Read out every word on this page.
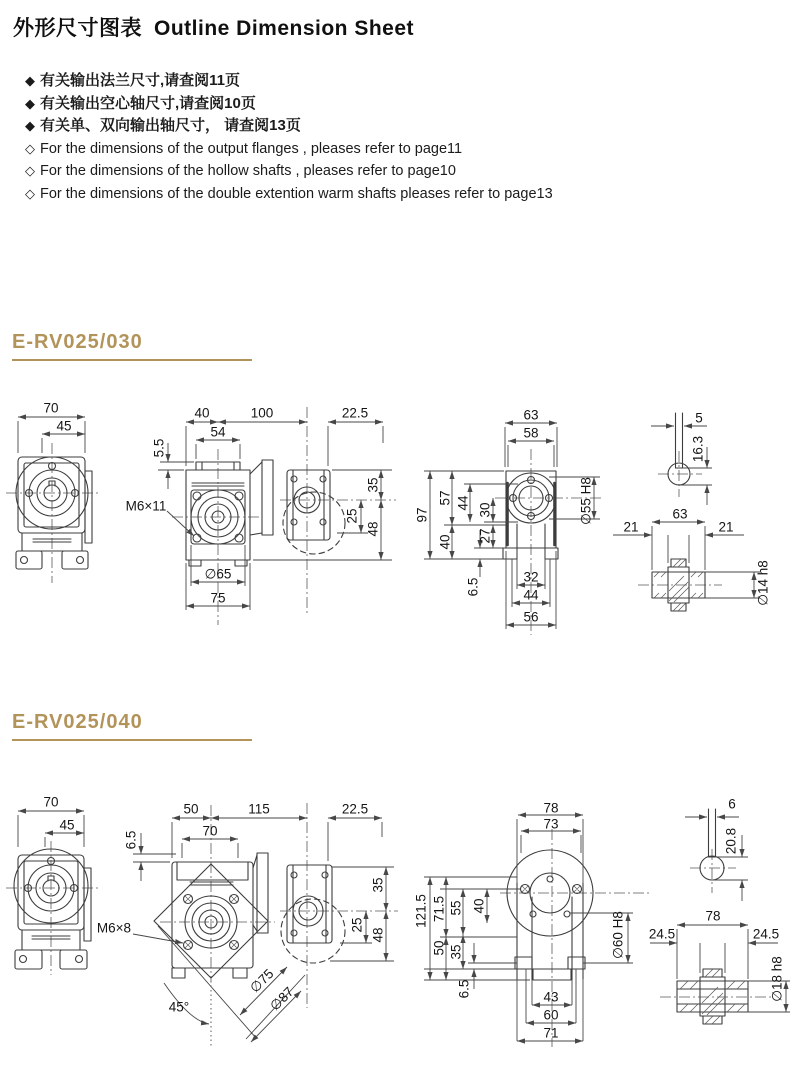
外形尺寸图表 Outline Dimension Sheet
◆ 有关输出法兰尺寸,请查阅11页
◆ 有关输出空心轴尺寸,请查阅10页
◆ 有关单、双向输出轴尺寸， 请查阅13页
◇ For the dimensions of the output flanges , pleases refer to page11
◇ For the dimensions of the hollow shafts , pleases refer to page10
◇ For the dimensions of the double extention warm shafts pleases refer to page13
E-RV025/030
70
45
40	100	22.5
54
5.5
M6×11
∅65
75
35
25
48
63
58
97
57 44 30
40 27
6.5
∅55 H8
32
44
56
5
16.3
63
21	21
∅14 h8
E-RV025/040
70
45
50	115	22.5
70
6.5
M6×8
∅75
∅87
45°
35
25
48
78
73
121.5 71.5 55 40
50 35
6.5
∅60 H8
43
60
71
6
20.8
78
24.5	24.5
∅18 h8
